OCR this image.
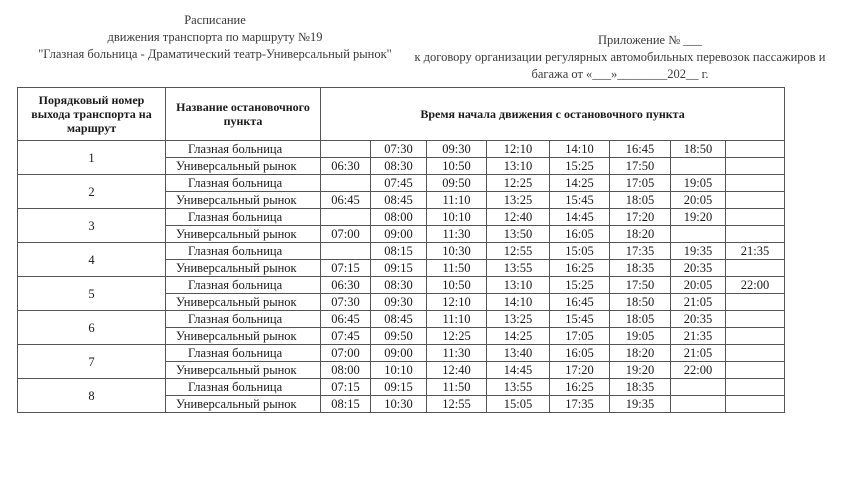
Расписание
движения транспорта по маршруту №19
"Глазная больница - Драматический театр-Универсальный рынок"
Приложение № ___
к договору организации регулярных автомобильных перевозок пассажиров и
багажа от «___»________202__ г.
Порядковый номер выхода транспорта на маршрут	Название остановочного пункта	Время начала движения с остановочного пункта							
1	Глазная больница		07:30	09:30	12:10	14:10	16:45	18:50	
	Универсальный рынок	06:30	08:30	10:50	13:10	15:25	17:50		
2	Глазная больница		07:45	09:50	12:25	14:25	17:05	19:05	
	Универсальный рынок	06:45	08:45	11:10	13:25	15:45	18:05	20:05	
3	Глазная больница		08:00	10:10	12:40	14:45	17:20	19:20	
	Универсальный рынок	07:00	09:00	11:30	13:50	16:05	18:20		
4	Глазная больница		08:15	10:30	12:55	15:05	17:35	19:35	21:35
	Универсальный рынок	07:15	09:15	11:50	13:55	16:25	18:35	20:35	
5	Глазная больница	06:30	08:30	10:50	13:10	15:25	17:50	20:05	22:00
	Универсальный рынок	07:30	09:30	12:10	14:10	16:45	18:50	21:05	
6	Глазная больница	06:45	08:45	11:10	13:25	15:45	18:05	20:35	
	Универсальный рынок	07:45	09:50	12:25	14:25	17:05	19:05	21:35	
7	Глазная больница	07:00	09:00	11:30	13:40	16:05	18:20	21:05	
	Универсальный рынок	08:00	10:10	12:40	14:45	17:20	19:20	22:00	
8	Глазная больница	07:15	09:15	11:50	13:55	16:25	18:35		
	Универсальный рынок	08:15	10:30	12:55	15:05	17:35	19:35		
